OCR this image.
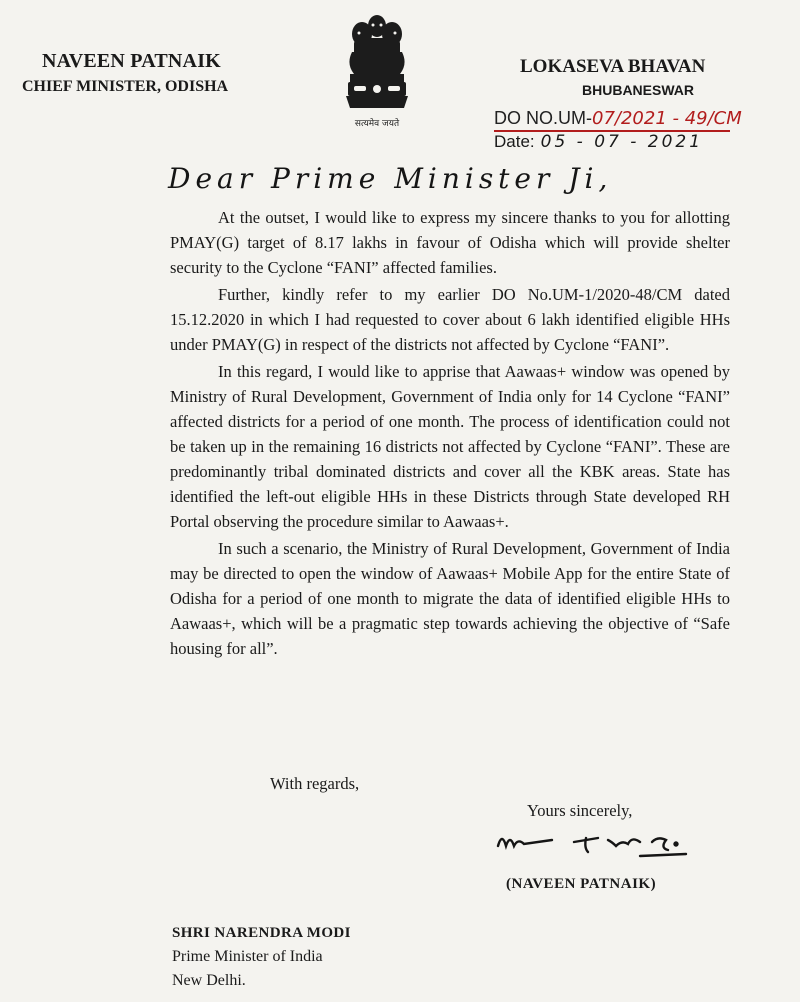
NAVEEN PATNAIK
CHIEF MINISTER, ODISHA
सत्यमेव जयते
LOKASEVA BHAVAN
BHUBANESWAR
DO NO.UM-07/2021 - 49/CM
Date: 05 - 07 - 2021
Dear Prime Minister Ji,

At the outset, I would like to express my sincere thanks to you for allotting PMAY(G) target of 8.17 lakhs in favour of Odisha which will provide shelter security to the Cyclone “FANI” affected families.

Further, kindly refer to my earlier DO No.UM-1/2020-48/CM dated 15.12.2020 in which I had requested to cover about 6 lakh identified eligible HHs under PMAY(G) in respect of the districts not affected by Cyclone “FANI”.

In this regard, I would like to apprise that Aawaas+ window was opened by Ministry of Rural Development, Government of India only for 14 Cyclone “FANI” affected districts for a period of one month. The process of identification could not be taken up in the remaining 16 districts not affected by Cyclone “FANI”. These are predominantly tribal dominated districts and cover all the KBK areas. State has identified the left-out eligible HHs in these Districts through State developed RH Portal observing the procedure similar to Aawaas+.

In such a scenario, the Ministry of Rural Development, Government of India may be directed to open the window of Aawaas+ Mobile App for the entire State of Odisha for a period of one month to migrate the data of identified eligible HHs to Aawaas+, which will be a pragmatic step towards achieving the objective of “Safe housing for all”.

With regards,
Yours sincerely,
(NAVEEN PATNAIK)
SHRI NARENDRA MODI
Prime Minister of India
New Delhi.
